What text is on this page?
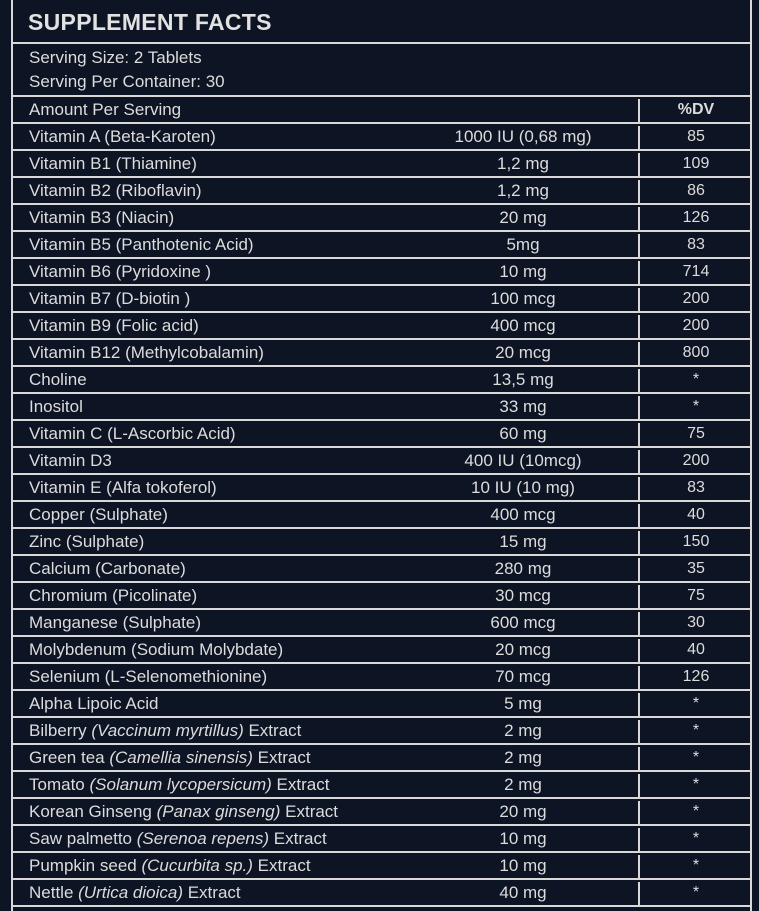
SUPPLEMENT FACTS
Serving Size: 2 Tablets
Serving Per Container: 30
Amount Per Serving	%DV
Vitamin A (Beta-Karoten)	1000 IU (0,68 mg)	85
Vitamin B1 (Thiamine)	1,2 mg	109
Vitamin B2 (Riboflavin)	1,2 mg	86
Vitamin B3 (Niacin)	20 mg	126
Vitamin B5 (Panthotenic Acid)	5mg	83
Vitamin B6 (Pyridoxine )	10 mg	714
Vitamin B7 (D-biotin )	100 mcg	200
Vitamin B9 (Folic acid)	400 mcg	200
Vitamin B12 (Methylcobalamin)	20 mcg	800
Choline	13,5 mg	*
Inositol	33 mg	*
Vitamin C (L-Ascorbic Acid)	60 mg	75
Vitamin D3	400 IU (10mcg)	200
Vitamin E (Alfa tokoferol)	10 IU (10 mg)	83
Copper (Sulphate)	400 mcg	40
Zinc (Sulphate)	15 mg	150
Calcium (Carbonate)	280 mg	35
Chromium (Picolinate)	30 mcg	75
Manganese (Sulphate)	600 mcg	30
Molybdenum (Sodium Molybdate)	20 mcg	40
Selenium (L-Selenomethionine)	70 mcg	126
Alpha Lipoic Acid	5 mg	*
Bilberry (Vaccinum myrtillus) Extract	2 mg	*
Green tea (Camellia sinensis) Extract	2 mg	*
Tomato (Solanum lycopersicum) Extract	2 mg	*
Korean Ginseng (Panax ginseng) Extract	20 mg	*
Saw palmetto (Serenoa repens) Extract	10 mg	*
Pumpkin seed (Cucurbita sp.) Extract	10 mg	*
Nettle (Urtica dioica) Extract	40 mg	*
